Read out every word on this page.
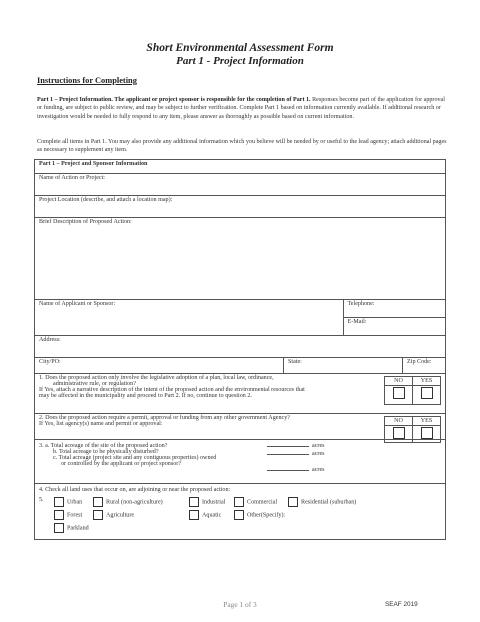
Short Environmental Assessment Form
Part 1 - Project Information
Instructions for Completing
Part 1 – Project Information. The applicant or project sponsor is responsible for the completion of Part 1. Responses become part of the application for approval or funding, are subject to public review, and may be subject to further verification. Complete Part 1 based on information currently available. If additional research or investigation would be needed to fully respond to any item, please answer as thoroughly as possible based on current information.
Complete all items in Part 1. You may also provide any additional information which you believe will be needed by or useful to the lead agency; attach additional pages as necessary to supplement any item.
Part 1 – Project and Sponsor Information
Name of Action or Project:
Project Location (describe, and attach a location map):
Brief Description of Proposed Action:
Name of Applicant or Sponsor:	Telephone:
E-Mail:
Address:
City/PO:	State:	Zip Code:

1. Does the proposed action only involve the legislative adoption of a plan, local law, ordinance,
administrative rule, or regulation?
If Yes, attach a narrative description of the intent of the proposed action and the environmental resources that
may be affected in the municipality and proceed to Part 2. If no, continue to question 2.
NO	YES

2. Does the proposed action require a permit, approval or funding from any other government Agency?
If Yes, list agency(s) name and permit or approval:	NO	YES

3. a. Total acreage of the site of the proposed action?
b. Total acreage to be physically disturbed?
c. Total acreage (project site and any contiguous properties) owned
or controlled by the applicant or project sponsor?
acres
acres
acres

4. Check all land uses that occur on, are adjoining or near the proposed action:
5.	Urban	Rural (non-agriculture)	Industrial	Commercial	Residential (suburban)
Forest	Agriculture	Aquatic	Other(Specify):
Parkland
Page 1 of 3	SEAF 2019
